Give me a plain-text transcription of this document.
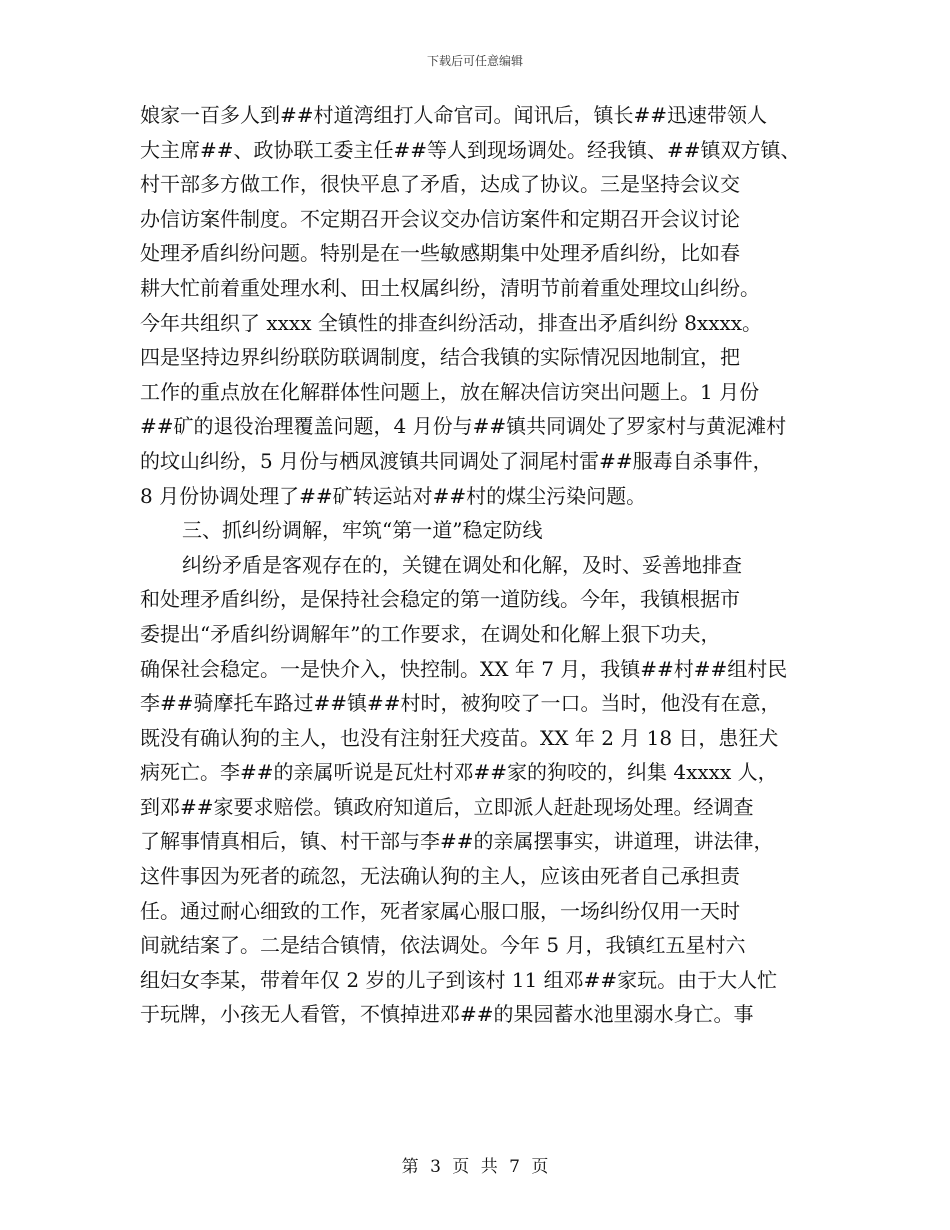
下载后可任意编辑
娘家一百多人到##村道湾组打人命官司。闻讯后，镇长##迅速带领人
大主席##、政协联工委主任##等人到现场调处。经我镇、##镇双方镇、
村干部多方做工作，很快平息了矛盾，达成了协议。三是坚持会议交
办信访案件制度。不定期召开会议交办信访案件和定期召开会议讨论
处理矛盾纠纷问题。特别是在一些敏感期集中处理矛盾纠纷，比如春
耕大忙前着重处理水利、田土权属纠纷，清明节前着重处理坟山纠纷。
今年共组织了 xxxx 全镇性的排查纠纷活动，排查出矛盾纠纷 8xxxx。
四是坚持边界纠纷联防联调制度，结合我镇的实际情况因地制宜，把
工作的重点放在化解群体性问题上，放在解决信访突出问题上。1 月份
##矿的退役治理覆盖问题，4 月份与##镇共同调处了罗家村与黄泥滩村
的坟山纠纷，5 月份与栖凤渡镇共同调处了洞尾村雷##服毒自杀事件，
8 月份协调处理了##矿转运站对##村的煤尘污染问题。
三、抓纠纷调解，牢筑“第一道”稳定防线
纠纷矛盾是客观存在的，关键在调处和化解，及时、妥善地排查
和处理矛盾纠纷，是保持社会稳定的第一道防线。今年，我镇根据市
委提出“矛盾纠纷调解年”的工作要求，在调处和化解上狠下功夫，
确保社会稳定。一是快介入，快控制。XX 年 7 月，我镇##村##组村民
李##骑摩托车路过##镇##村时，被狗咬了一口。当时，他没有在意，
既没有确认狗的主人，也没有注射狂犬疫苗。XX 年 2 月 18 日，患狂犬
病死亡。李##的亲属听说是瓦灶村邓##家的狗咬的，纠集 4xxxx 人，
到邓##家要求赔偿。镇政府知道后，立即派人赶赴现场处理。经调查
了解事情真相后，镇、村干部与李##的亲属摆事实，讲道理，讲法律，
这件事因为死者的疏忽，无法确认狗的主人，应该由死者自己承担责
任。通过耐心细致的工作，死者家属心服口服，一场纠纷仅用一天时
间就结案了。二是结合镇情，依法调处。今年 5 月，我镇红五星村六
组妇女李某，带着年仅 2 岁的儿子到该村 11 组邓##家玩。由于大人忙
于玩牌，小孩无人看管，不慎掉进邓##的果园蓄水池里溺水身亡。事
第 3 页 共 7 页
